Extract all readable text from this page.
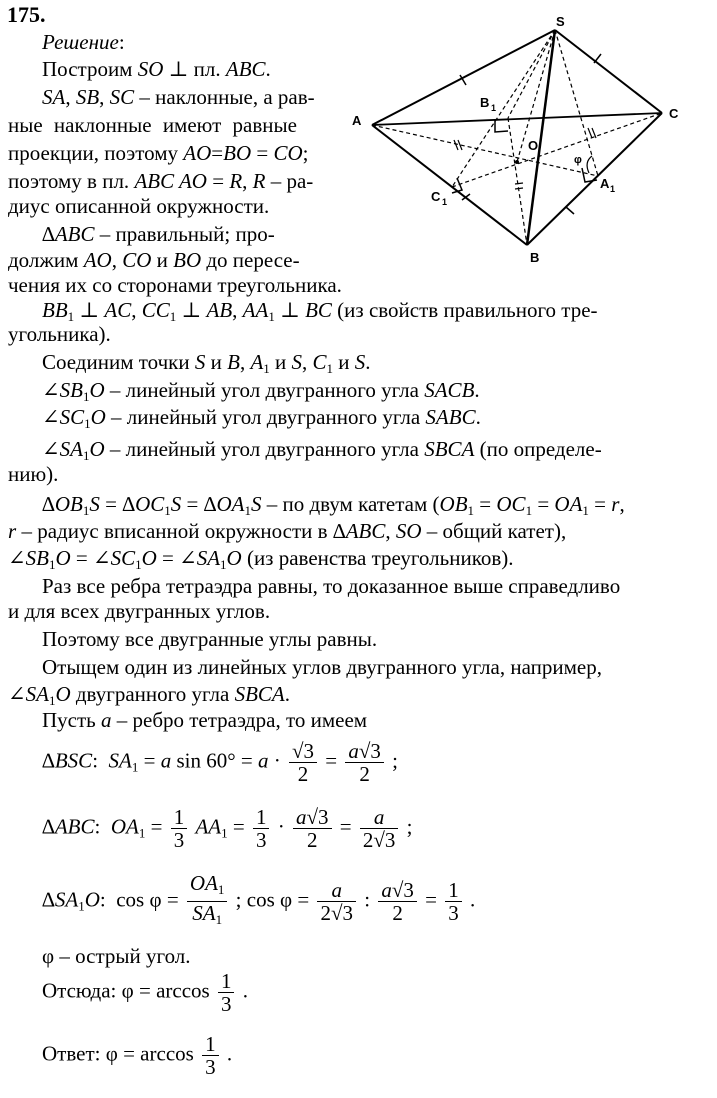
175.
Решение:
S
A	C
B
O
B 1
C 1
A 1
φ
Построим SO ⊥ пл. ABC.
SA, SB, SC – наклонные, а рав-
ные наклонные имеют равные
проекции, поэтому AO=BO = CO;
поэтому в пл. ABC AO = R, R – ра-
диус описанной окружности.
∆ABC – правильный; про-
должим AO, CO и BO до пересе-
чения их со сторонами треугольника.
$BB_1$ ⊥ AC, $CC_1$ ⊥ AB, $AA_1$ ⊥ BC (из свойств правильного тре-
угольника).
Соединим точки S и B, $A_1$ и S, $C_1$ и S.
$\angle SB_1O$ – линейный угол двугранного угла SACB.
$\angle SC_1O$ – линейный угол двугранного угла SABC.
$\angle SA_1O$ – линейный угол двугранного угла SBCA (по определе-
нию).
$\Delta OB_1S = \Delta OC_1S = \Delta OA_1S$ – по двум катетам ($OB_1 = OC_1 = OA_1 = r$,
r – радиус вписанной окружности в ∆ABC, SO – общий катет),
$\angle SB_1O$ = $\angle SC_1O$ = $\angle SA_1O$ (из равенства треугольников).
Раз все ребра тетраэдра равны, то доказанное выше справедливо
и для всех двугранных углов.
Поэтому все двугранные углы равны.
Отыщем один из линейных углов двугранного угла, например,
$\angle SA_1O$ двугранного угла SBCA.
Пусть a – ребро тетраэдра, то имеем
∆BSC: $SA_1 = a$ $\sin 60^\circ = a \cdot \frac{√3}{2} = \frac{a√3}{2}$ ;
∆ABC: $OA_1 = \frac{1}{3} AA_1 = \frac{1}{3} \cdot \frac{a√3}{2} = \frac{a}{2√3}$ ;
$\Delta SA_1O$: $\cos \varphi = \frac{OA_1}{SA_1}$ ; $\cos \varphi = \frac{a}{2√3}$ : $\frac{a√3}{2} = \frac{1}{3}$ .
φ – острый угол.
Отсюда: $\varphi = \arccos \frac{1}{3}$ .
Ответ: $\varphi = \arccos \frac{1}{3}$ .
